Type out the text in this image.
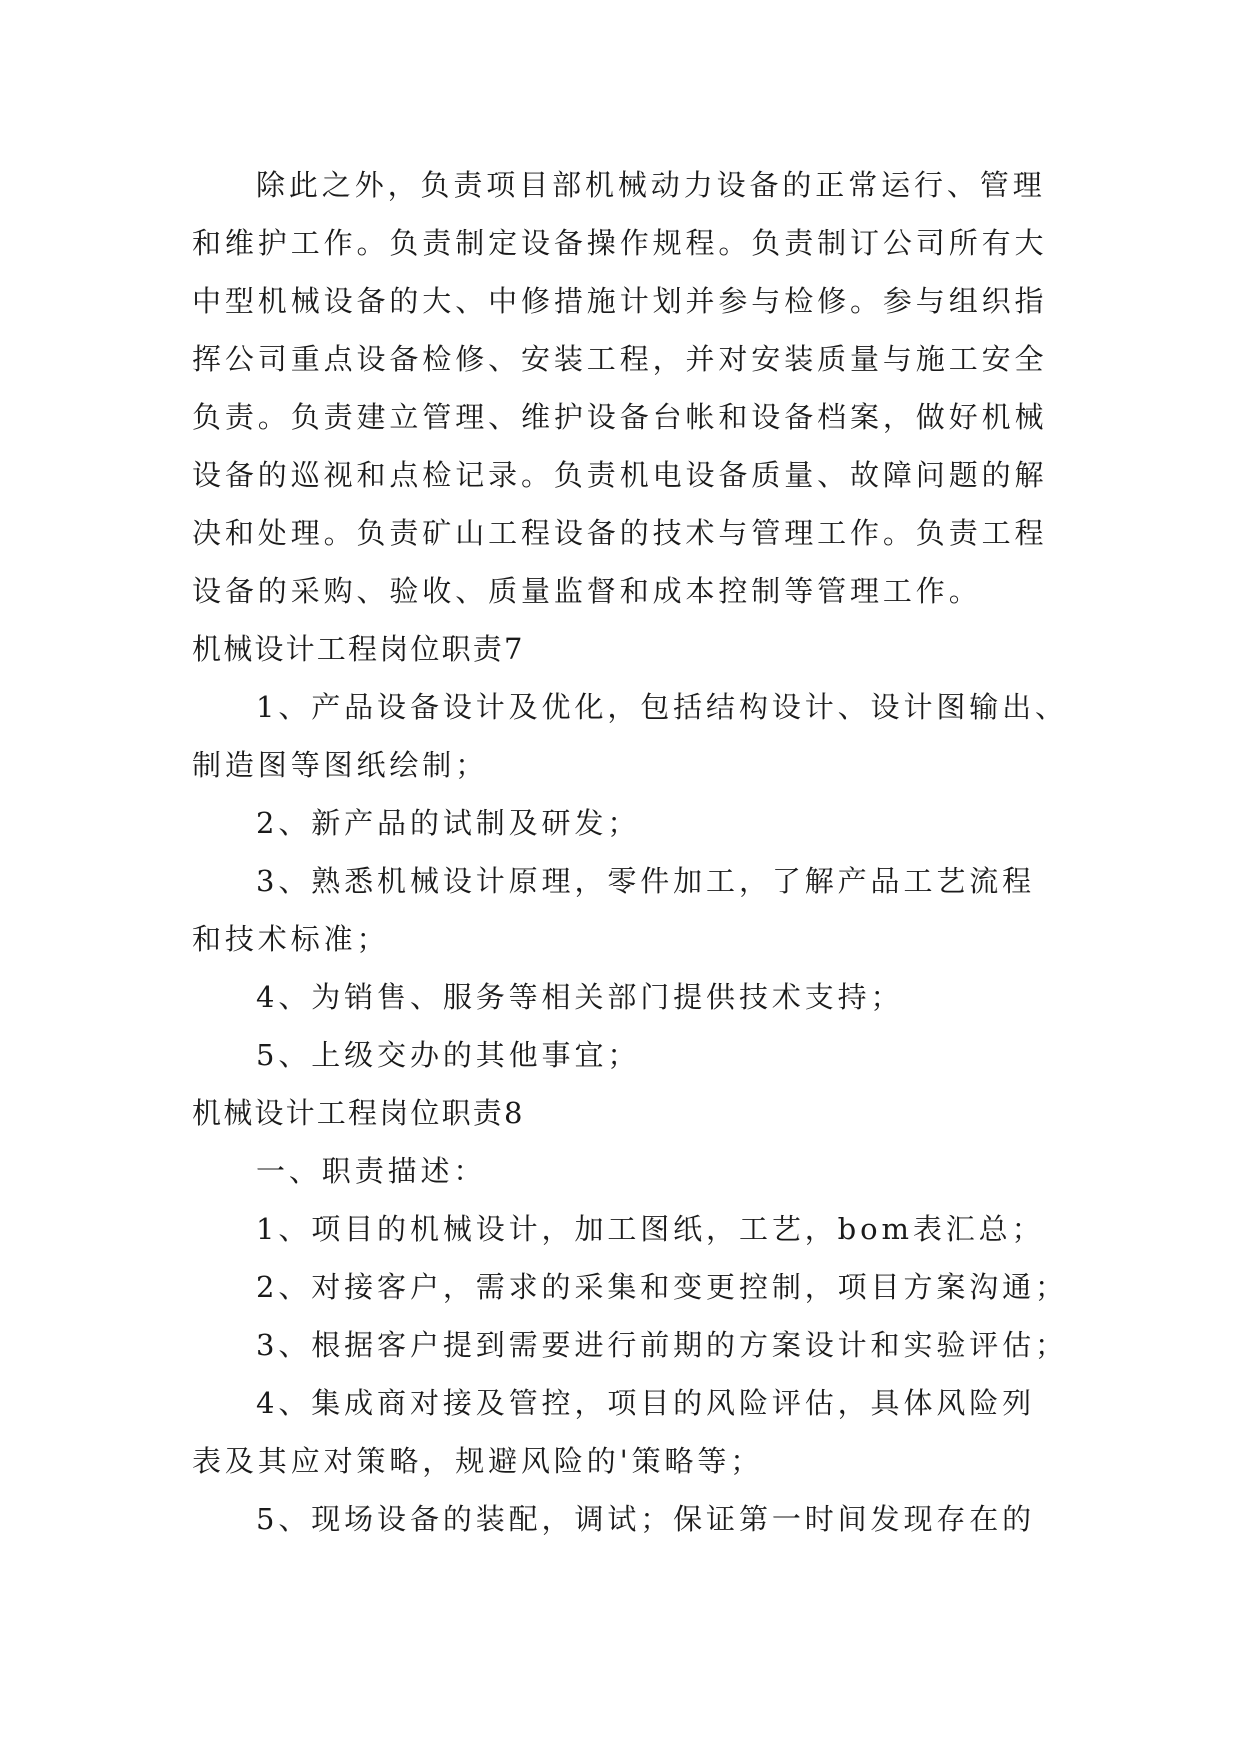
除此之外，负责项目部机械动力设备的正常运行、管理
和维护工作。负责制定设备操作规程。负责制订公司所有大
中型机械设备的大、中修措施计划并参与检修。参与组织指
挥公司重点设备检修、安装工程，并对安装质量与施工安全
负责。负责建立管理、维护设备台帐和设备档案，做好机械
设备的巡视和点检记录。负责机电设备质量、故障问题的解
决和处理。负责矿山工程设备的技术与管理工作。负责工程
设备的采购、验收、质量监督和成本控制等管理工作。
机械设计工程岗位职责7
1、产品设备设计及优化，包括结构设计、设计图输出、
制造图等图纸绘制；
2、新产品的试制及研发；
3、熟悉机械设计原理，零件加工，了解产品工艺流程
和技术标准；
4、为销售、服务等相关部门提供技术支持；
5、上级交办的其他事宜；
机械设计工程岗位职责8
一、职责描述：
1、项目的机械设计，加工图纸，工艺，bom表汇总；
2、对接客户，需求的采集和变更控制，项目方案沟通；
3、根据客户提到需要进行前期的方案设计和实验评估；
4、集成商对接及管控，项目的风险评估，具体风险列
表及其应对策略，规避风险的'策略等；
5、现场设备的装配，调试；保证第一时间发现存在的
